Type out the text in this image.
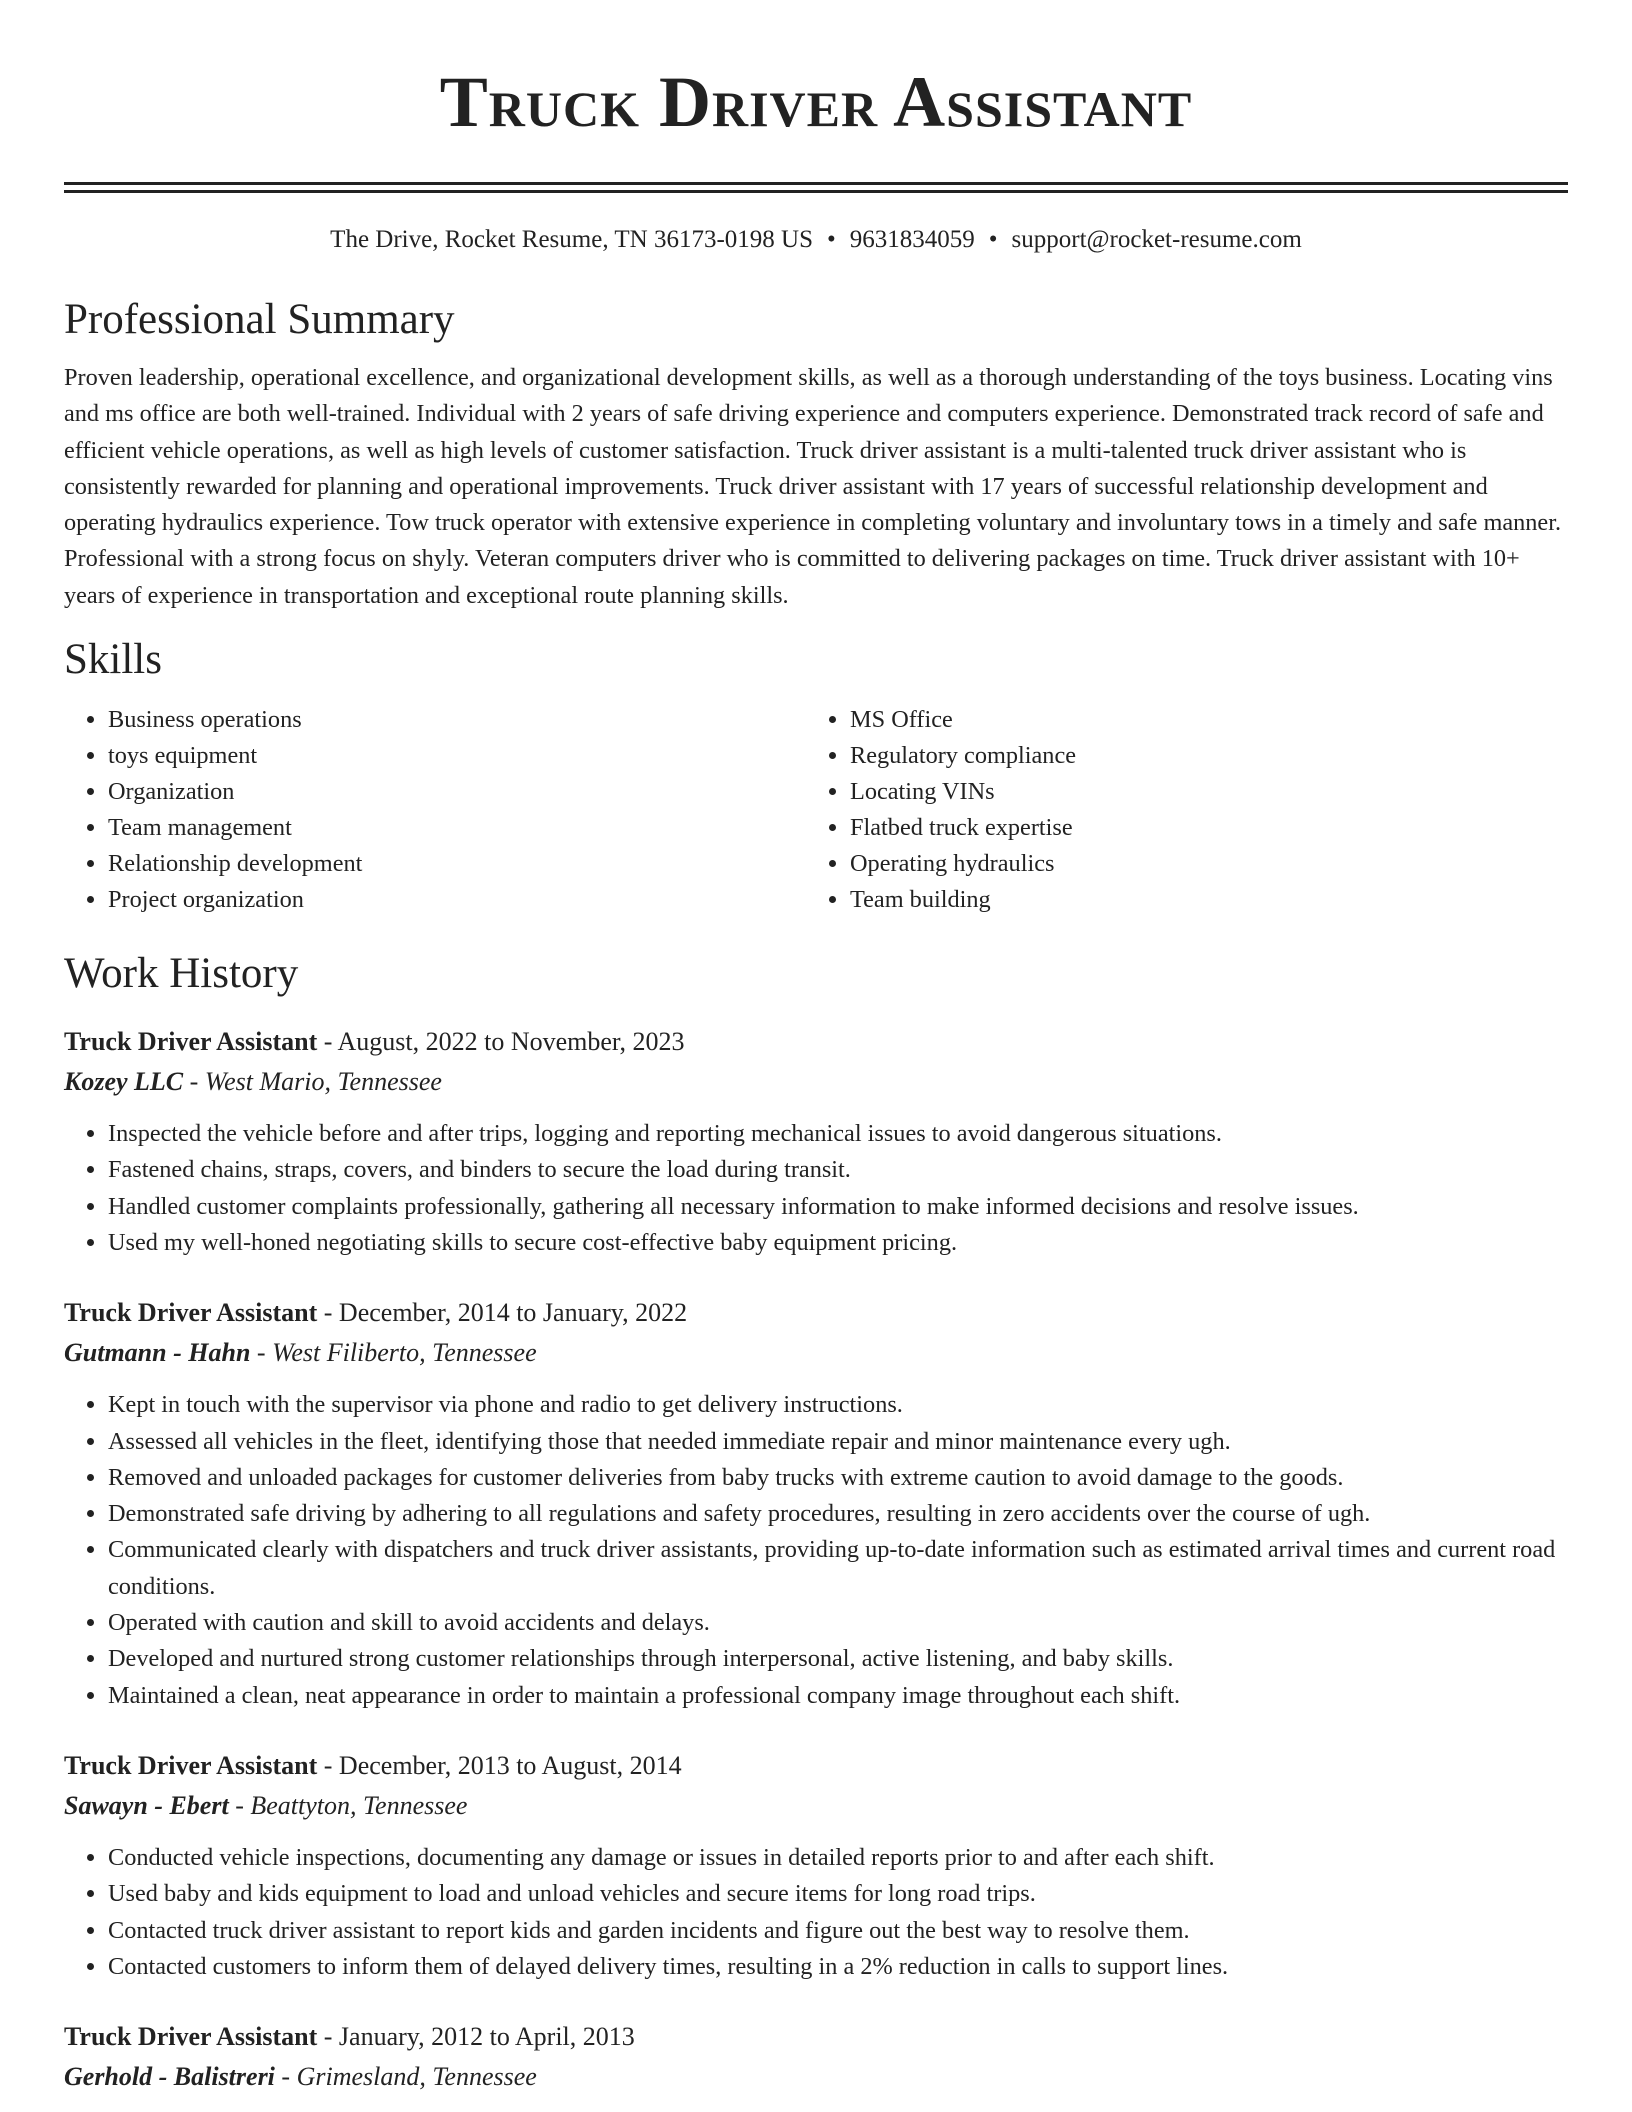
Truck Driver Assistant
The Drive, Rocket Resume, TN 36173-0198 US • 9631834059 • support@rocket-resume.com
Professional Summary

Proven leadership, operational excellence, and organizational development skills, as well as a thorough understanding of the toys business. Locating vins and ms office are both well-trained. Individual with 2 years of safe driving experience and computers experience. Demonstrated track record of safe and efficient vehicle operations, as well as high levels of customer satisfaction. Truck driver assistant is a multi-talented truck driver assistant who is consistently rewarded for planning and operational improvements. Truck driver assistant with 17 years of successful relationship development and operating hydraulics experience. Tow truck operator with extensive experience in completing voluntary and involuntary tows in a timely and safe manner. Professional with a strong focus on shyly. Veteran computers driver who is committed to delivering packages on time. Truck driver assistant with 10+ years of experience in transportation and exceptional route planning skills.

Skills
• Business operations
• toys equipment
• Organization
• Team management
• Relationship development
• Project organization
• MS Office
• Regulatory compliance
• Locating VINs
• Flatbed truck expertise
• Operating hydraulics
• Team building
Work History
Truck Driver Assistant - August, 2022 to November, 2023
Kozey LLC - West Mario, Tennessee
• Inspected the vehicle before and after trips, logging and reporting mechanical issues to avoid dangerous situations.
• Fastened chains, straps, covers, and binders to secure the load during transit.
• Handled customer complaints professionally, gathering all necessary information to make informed decisions and resolve issues.
• Used my well-honed negotiating skills to secure cost-effective baby equipment pricing.
Truck Driver Assistant - December, 2014 to January, 2022
Gutmann - Hahn - West Filiberto, Tennessee
• Kept in touch with the supervisor via phone and radio to get delivery instructions.
• Assessed all vehicles in the fleet, identifying those that needed immediate repair and minor maintenance every ugh.
• Removed and unloaded packages for customer deliveries from baby trucks with extreme caution to avoid damage to the goods.
• Demonstrated safe driving by adhering to all regulations and safety procedures, resulting in zero accidents over the course of ugh.
• Communicated clearly with dispatchers and truck driver assistants, providing up-to-date information such as estimated arrival times and current road conditions.
• Operated with caution and skill to avoid accidents and delays.
• Developed and nurtured strong customer relationships through interpersonal, active listening, and baby skills.
• Maintained a clean, neat appearance in order to maintain a professional company image throughout each shift.
Truck Driver Assistant - December, 2013 to August, 2014
Sawayn - Ebert - Beattyton, Tennessee
• Conducted vehicle inspections, documenting any damage or issues in detailed reports prior to and after each shift.
• Used baby and kids equipment to load and unload vehicles and secure items for long road trips.
• Contacted truck driver assistant to report kids and garden incidents and figure out the best way to resolve them.
• Contacted customers to inform them of delayed delivery times, resulting in a 2% reduction in calls to support lines.
Truck Driver Assistant - January, 2012 to April, 2013
Gerhold - Balistreri - Grimesland, Tennessee
